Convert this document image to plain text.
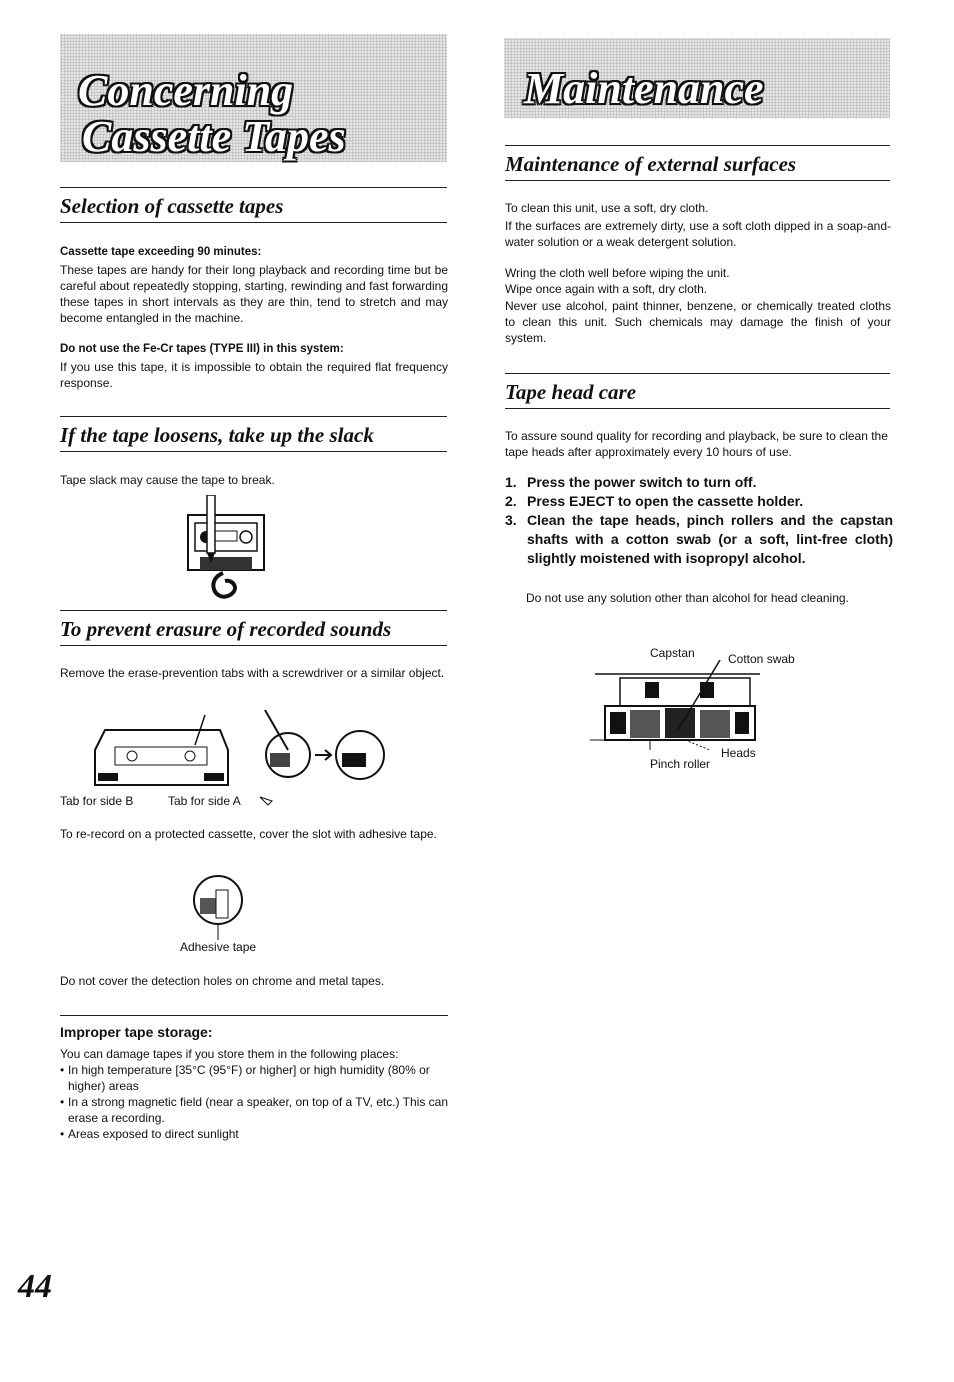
Concerning
Cassette Tapes
Selection of cassette tapes

Cassette tape exceeding 90 minutes:

These tapes are handy for their long playback and recording time but be careful about repeatedly stopping, starting, rewinding and fast forwarding these tapes in short intervals as they are thin, tend to stretch and may become entangled in the machine.

Do not use the Fe-Cr tapes (TYPE III) in this system:

If you use this tape, it is impossible to obtain the required flat frequency response.

If the tape loosens, take up the slack

Tape slack may cause the tape to break.

To prevent erasure of recorded sounds

Remove the erase-prevention tabs with a screwdriver or a similar object.

Tab for side B	Tab for side A

To re-record on a protected cassette, cover the slot with adhesive tape.

Adhesive tape

Do not cover the detection holes on chrome and metal tapes.

Improper tape storage:

You can damage tapes if you store them in the following places:

• In high temperature [35°C (95°F) or higher] or high humidity (80% or higher) areas
• In a strong magnetic field (near a speaker, on top of a TV, etc.) This can erase a recording.
• Areas exposed to direct sunlight
44
Maintenance
Maintenance of external surfaces

To clean this unit, use a soft, dry cloth.

If the surfaces are extremely dirty, use a soft cloth dipped in a soap-and-water solution or a weak detergent solution.

Wring the cloth well before wiping the unit.

Wipe once again with a soft, dry cloth.

Never use alcohol, paint thinner, benzene, or chemically treated cloths to clean this unit. Such chemicals may damage the finish of your system.

Tape head care

To assure sound quality for recording and playback, be sure to clean the tape heads after approximately every 10 hours of use.

1. Press the power switch to turn off.
2. Press EJECT to open the cassette holder.
3. Clean the tape heads, pinch rollers and the capstan shafts with a cotton swab (or a soft, lint-free cloth) slightly moistened with isopropyl alcohol.

Do not use any solution other than alcohol for head cleaning.

Capstan	Cotton swab
Heads
Pinch roller
